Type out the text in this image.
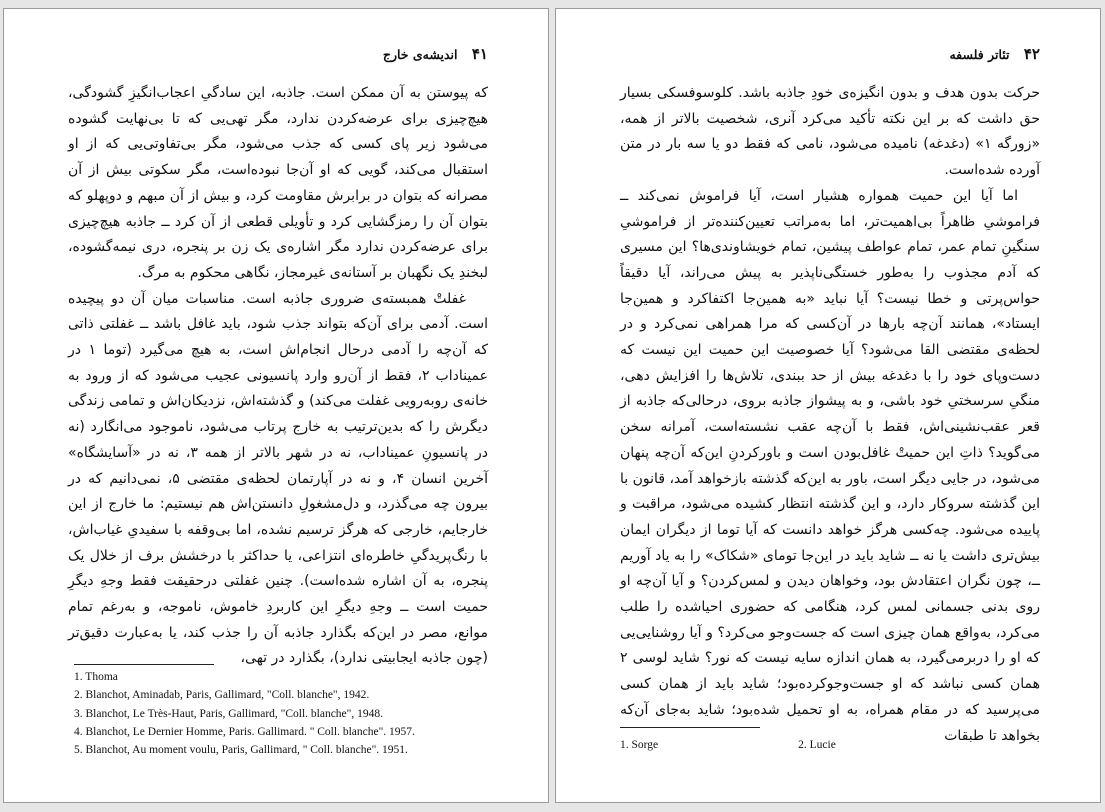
۴۱ اندیشه‌ی خارج

که پیوستن به آن ممکن است. جاذبه، این سادگیِ اعجاب‌انگیزِ گشودگی، هیچ‌چیزی برای عرضه‌کردن ندارد، مگر تهی‌یی که تا بی‌نهایت گشوده می‌شود زیر پای کسی که جذب می‌شود، مگر بی‌تفاوتی‌یی که از او استقبال می‌کند، گویی که او آن‌جا نبوده‌است، مگر سکوتی بیش از آن مصرانه که بتوان در برابرش مقاومت کرد، و بیش از آن مبهم و دوپهلو که بتوان آن را رمزگشایی کرد و تأویلی قطعی از آن کرد ــ جاذبه هیچ‌چیزی برای عرضه‌کردن ندارد مگر اشاره‌ی یک زن بر پنجره، دری نیمه‌گشوده، لبخندِ یک نگهبان بر آستانه‌ی غیرمجاز، نگاهی محکوم به مرگ.

غفلتْ همبسته‌ی ضروری جاذبه است. مناسبات میان آن دو پیچیده است. آدمی برای آن‌که بتواند جذب شود، باید غافل باشد ــ غفلتی ذاتی که آن‌چه را آدمی درحال انجام‌اش است، به هیچ می‌گیرد (توما ۱ در عمیناداب ۲، فقط از آن‌رو وارد پانسیونی عجیب می‌شود که از ورود به خانه‌ی روبه‌رویی غفلت می‌کند) و گذشته‌اش، نزدیکان‌اش و تمامی زندگی دیگرش را که بدین‌ترتیب به خارج پرتاب می‌شود، ناموجود می‌انگارد (نه در پانسیونِ عمیناداب، نه در شهر بالاتر از همه ۳، نه در «آسایشگاه» آخرین انسان ۴، و نه در آپارتمان لحظه‌ی مقتضی ۵، نمی‌دانیم که در بیرون چه می‌گذرد، و دل‌مشغولِ دانستن‌اش هم نیستیم: ما خارج از این خارجایم، خارجی که هرگز ترسیم نشده، اما بی‌وقفه با سفیدیِ غیاب‌اش، با رنگ‌پریدگیِ خاطره‌ای انتزاعی، یا حداکثر با درخشش برف از خلال یک پنجره، به آن اشاره شده‌است). چنین غفلتی درحقیقت فقط وجهِ دیگرِ حمیت است ــ وجهِ دیگرِ این کاربردِ خاموش، ناموجه، و به‌رغم تمام موانع، مصر در این‌که بگذارد جاذبه آن را جذب کند، یا به‌عبارت دقیق‌تر (چون جاذبه ایجابیتی ندارد)، بگذارد در تهی،

1. Thoma
2. Blanchot, Aminadab, Paris, Gallimard, "Coll. blanche", 1942.
3. Blanchot, Le Très-Haut, Paris, Gallimard, "Coll. blanche", 1948.
4. Blanchot, Le Dernier Homme, Paris. Gallimard. " Coll. blanche". 1957.
5. Blanchot, Au moment voulu, Paris, Gallimard, " Coll. blanche". 1951.
۴۲ تئاتر فلسفه

حرکت بدون هدف و بدون انگیزه‌ی خودِ جاذبه باشد. کلوسوفسکی بسیار حق داشت که بر این نکته تأکید می‌کرد آنری، شخصیت بالاتر از همه، «زورگه ۱» (دغدغه) نامیده می‌شود، نامی که فقط دو یا سه بار در متن آورده شده‌است.

اما آیا این حمیت همواره هشیار است، آیا فراموش نمی‌کند ــ فراموشیِ ظاهراً بی‌اهمیت‌تر، اما به‌مراتب تعیین‌کننده‌تر از فراموشیِ سنگینِ تمام عمر، تمام عواطف پیشین، تمام خویشاوندی‌ها؟ این مسیری که آدم مجذوب را به‌طور خستگی‌ناپذیر به پیش می‌راند، آیا دقیقاً حواس‌پرتی و خطا نیست؟ آیا نباید «به همین‌جا اکتفاکرد و همین‌جا ایستاد»، همانند آن‌چه بارها در آن‌کسی که مرا همراهی نمی‌کرد و در لحظه‌ی مقتضی القا می‌شود؟ آیا خصوصیت این حمیت این نیست که دست‌وپای خود را با دغدغه بیش از حد ببندی، تلاش‌ها را افزایش دهی، منگیِ سرسختیِ خود باشی، و به پیشواز جاذبه بروی، درحالی‌که جاذبه از قعر عقب‌نشینی‌اش، فقط با آن‌چه عقب نشسته‌است، آمرانه سخن می‌گوید؟ ذاتِ این حمیتْ غافل‌بودن است و باورکردنِ این‌که آن‌چه پنهان می‌شود، در جایی دیگر است، باور به این‌که گذشته بازخواهد آمد، قانون با این گذشته سروکار دارد، و این گذشته انتظار کشیده می‌شود، مراقبت و پاییده می‌شود. چه‌کسی هرگز خواهد دانست که آیا توما از دیگران ایمان بیش‌تری داشت یا نه ــ شاید باید در این‌جا توما‌ی «شکاک» را به یاد آوریم ــ، چون نگران اعتقادش بود، وخواهان دیدن و لمس‌کردن؟ و آیا آن‌چه او روی بدنی جسمانی لمس کرد، هنگامی که حضوری احیاشده را طلب می‌کرد، به‌واقع همان چیزی است که جست‌وجو می‌کرد؟ و آیا روشنایی‌یی که او را دربرمی‌گیرد، به همان اندازه سایه نیست که نور؟ شاید لوسی ۲ همان کسی نباشد که او جست‌وجو‌کرده‌بود؛ شاید باید از همان کسی می‌پرسید که در مقام همراه، به او تحمیل شده‌بود؛ شاید به‌جای آن‌که بخواهد تا طبقات

1. Sorge	2. Lucie
